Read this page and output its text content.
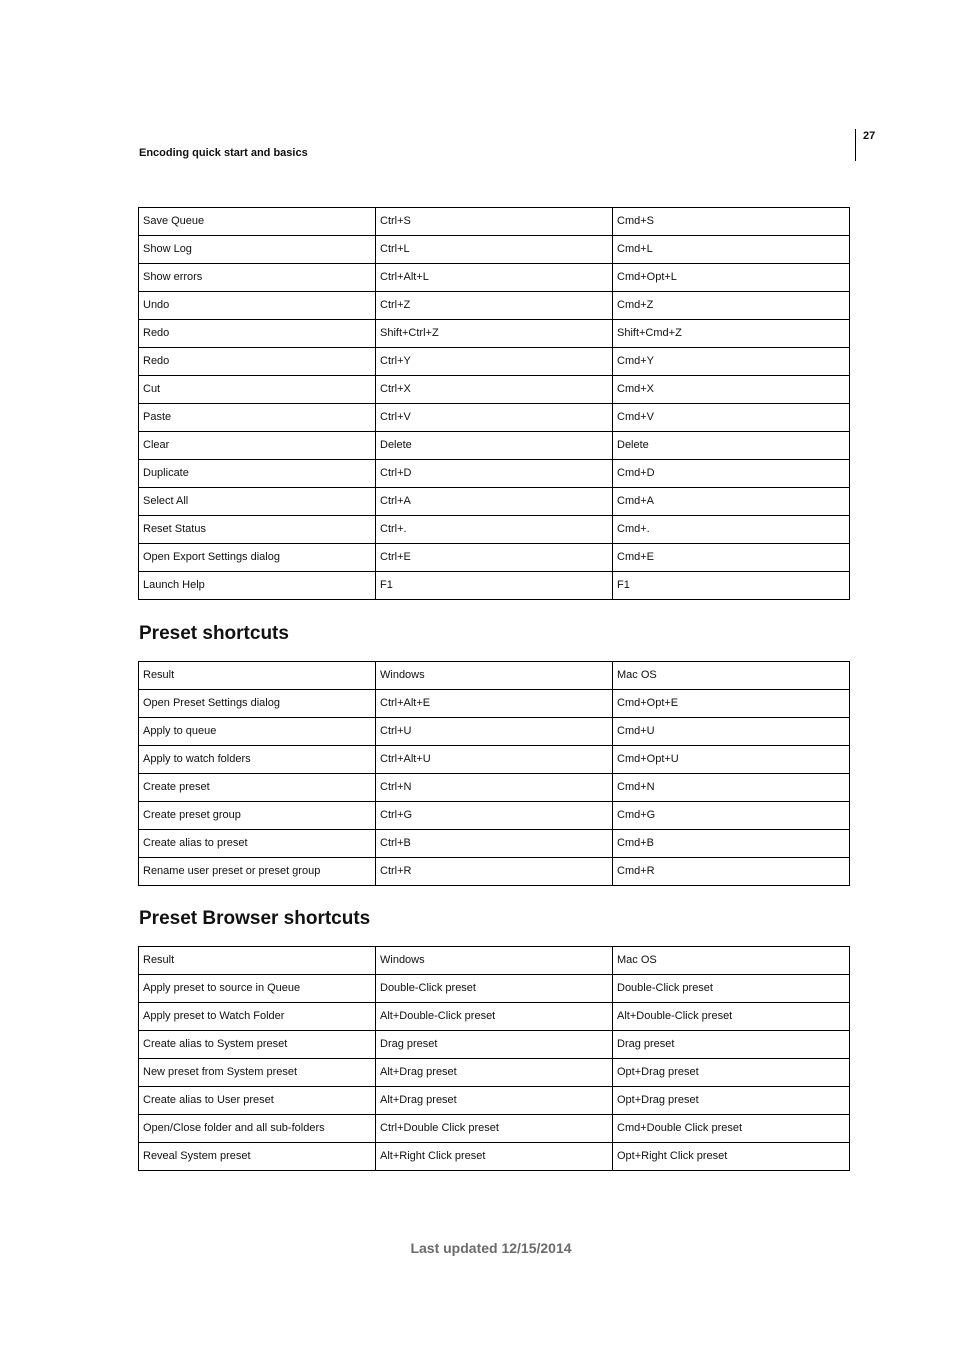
27
Encoding quick start and basics
Save Queue	Ctrl+S	Cmd+S
Show Log	Ctrl+L	Cmd+L
Show errors	Ctrl+Alt+L	Cmd+Opt+L
Undo	Ctrl+Z	Cmd+Z
Redo	Shift+Ctrl+Z	Shift+Cmd+Z
Redo	Ctrl+Y	Cmd+Y
Cut	Ctrl+X	Cmd+X
Paste	Ctrl+V	Cmd+V
Clear	Delete	Delete
Duplicate	Ctrl+D	Cmd+D
Select All	Ctrl+A	Cmd+A
Reset Status	Ctrl+.	Cmd+.
Open Export Settings dialog	Ctrl+E	Cmd+E
Launch Help	F1	F1
Preset shortcuts
Result	Windows	Mac OS
Open Preset Settings dialog	Ctrl+Alt+E	Cmd+Opt+E
Apply to queue	Ctrl+U	Cmd+U
Apply to watch folders	Ctrl+Alt+U	Cmd+Opt+U
Create preset	Ctrl+N	Cmd+N
Create preset group	Ctrl+G	Cmd+G
Create alias to preset	Ctrl+B	Cmd+B
Rename user preset or preset group	Ctrl+R	Cmd+R
Preset Browser shortcuts
Result	Windows	Mac OS
Apply preset to source in Queue	Double-Click preset	Double-Click preset
Apply preset to Watch Folder	Alt+Double-Click preset	Alt+Double-Click preset
Create alias to System preset	Drag preset	Drag preset
New preset from System preset	Alt+Drag preset	Opt+Drag preset
Create alias to User preset	Alt+Drag preset	Opt+Drag preset
Open/Close folder and all sub-folders	Ctrl+Double Click preset	Cmd+Double Click preset
Reveal System preset	Alt+Right Click preset	Opt+Right Click preset
Last updated 12/15/2014
